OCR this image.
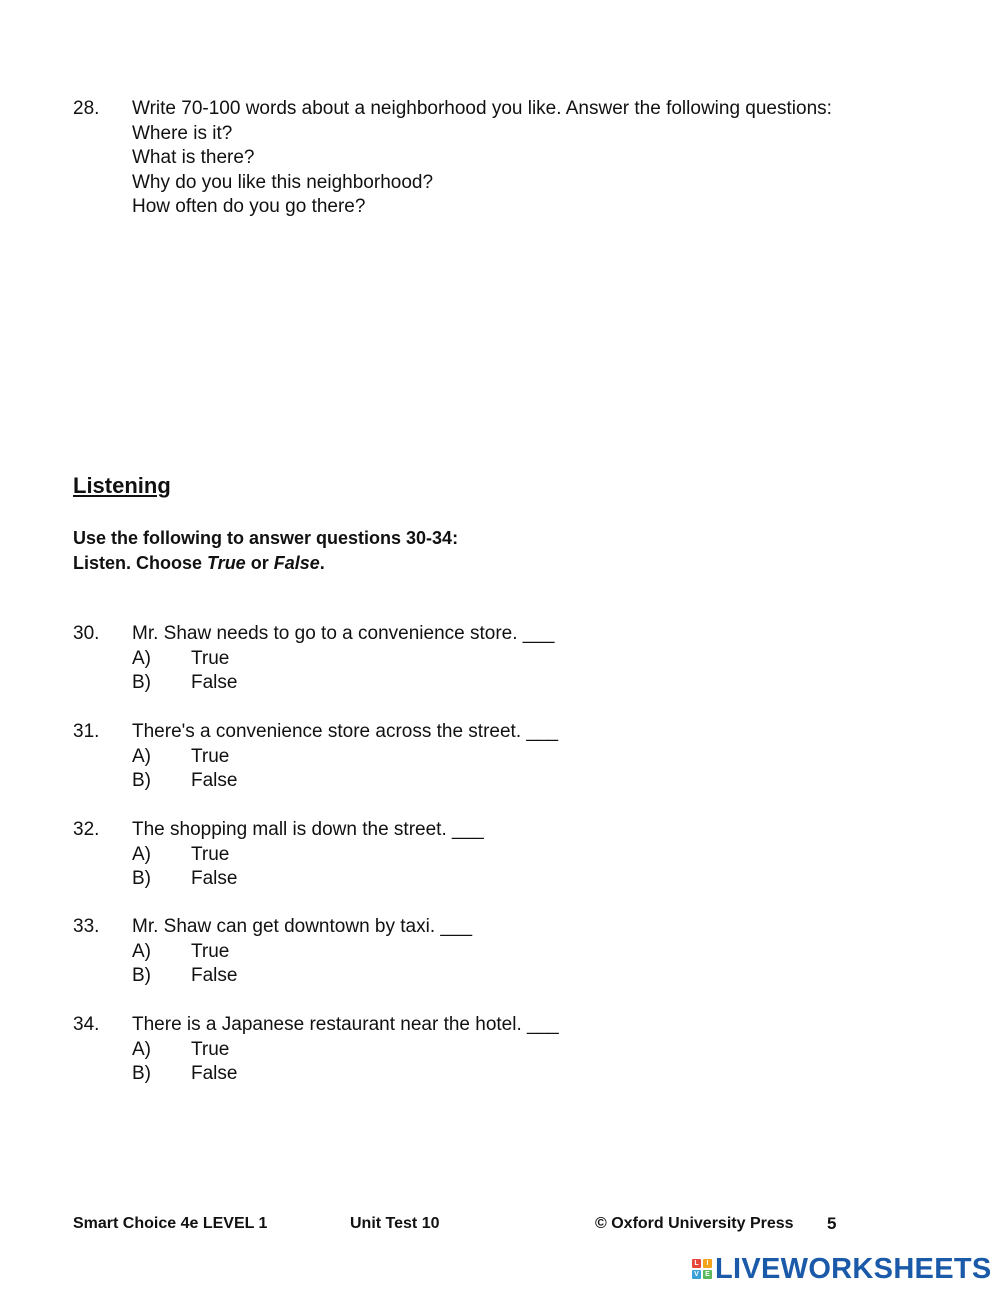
28. Write 70-100 words about a neighborhood you like. Answer the following questions:
Where is it?
What is there?
Why do you like this neighborhood?
How often do you go there?
Listening
Use the following to answer questions 30-34:
Listen. Choose True or False.
30. Mr. Shaw needs to go to a convenience store. ___
A) True
B) False
31. There's a convenience store across the street. ___
A) True
B) False
32. The shopping mall is down the street. ___
A) True
B) False
33. Mr. Shaw can get downtown by taxi. ___
A) True
B) False
34. There is a Japanese restaurant near the hotel. ___
A) True
B) False
Smart Choice 4e LEVEL 1	Unit Test 10	© Oxford University Press 5
L	I
V E LIVEWORKSHEETS
